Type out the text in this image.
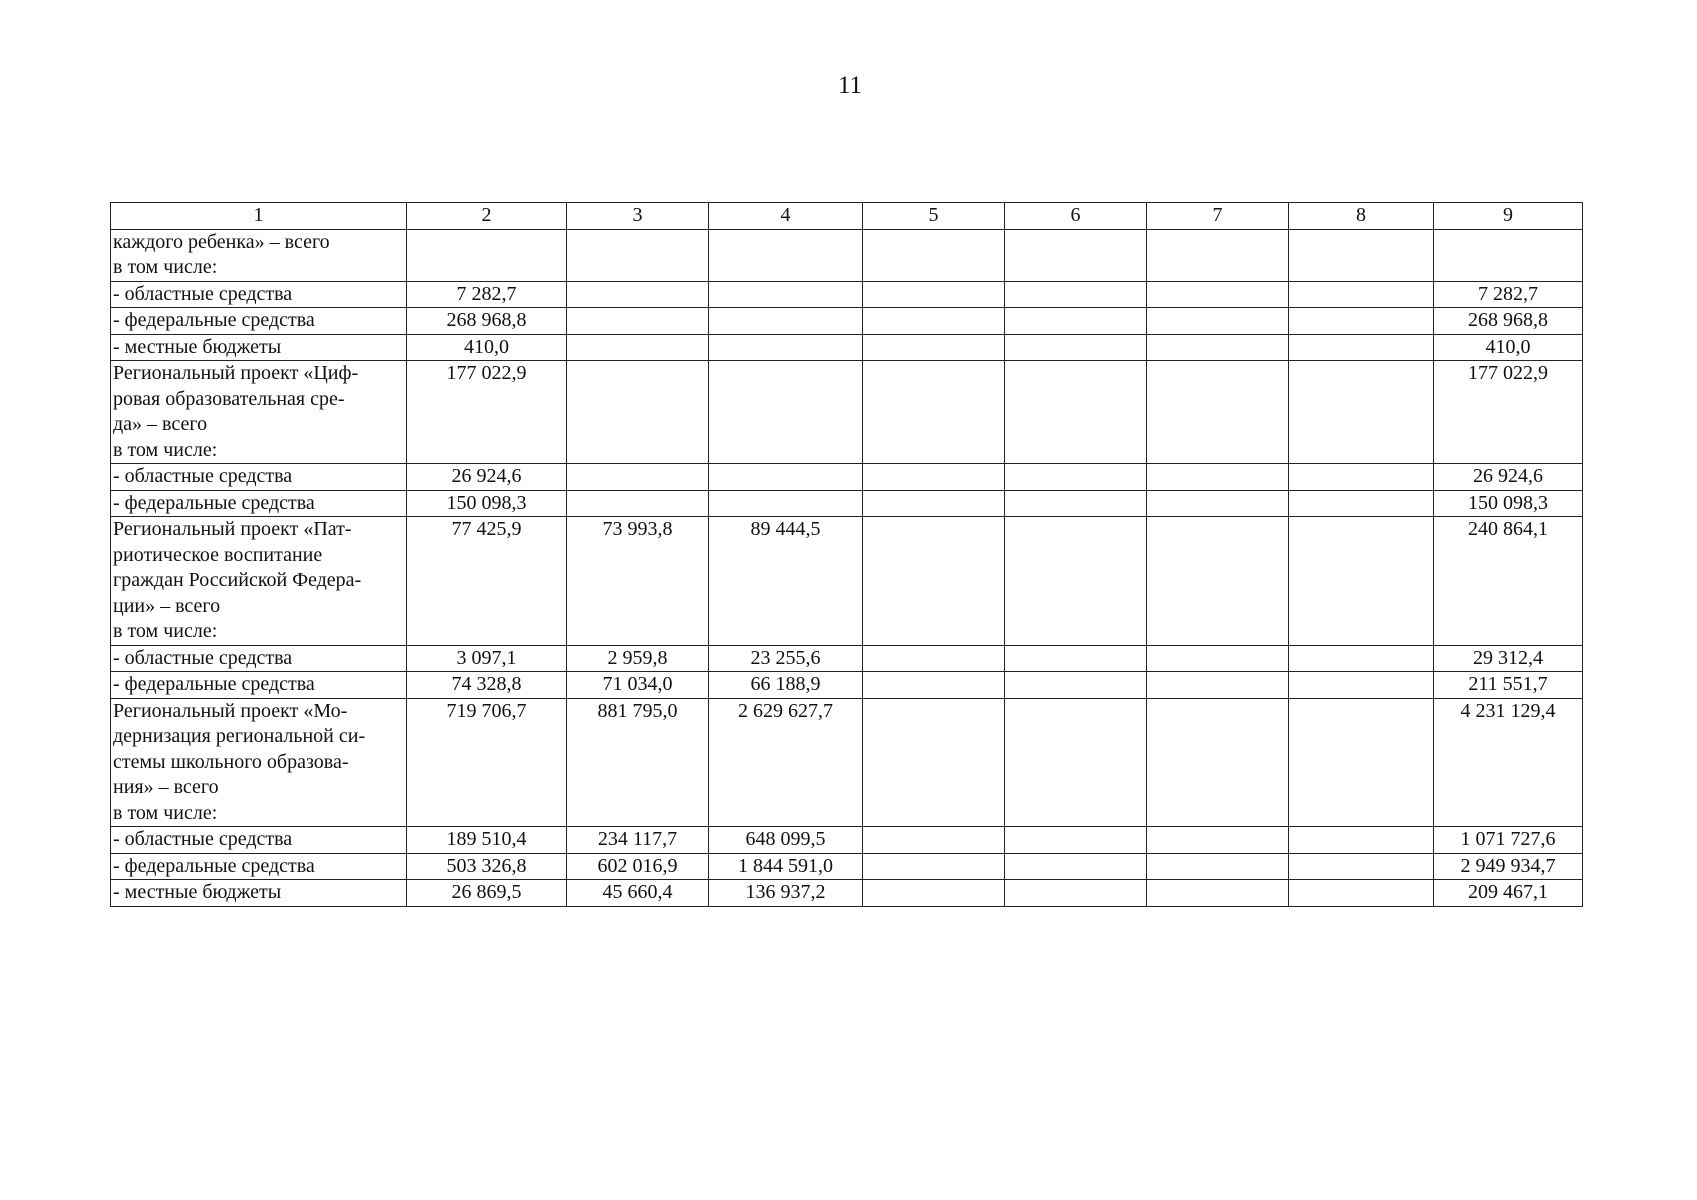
11
1	2	3	4	5	6	7	8	9

каждого ребенка» – всего
в том числе:								

- областные средства	7 282,7							7 282,7

- федеральные средства	268 968,8							268 968,8

- местные бюджеты	410,0							410,0

Региональный проект «Циф-
ровая образовательная сре-
да» – всего
в том числе:	177 022,9							177 022,9

- областные средства	26 924,6							26 924,6

- федеральные средства	150 098,3							150 098,3

Региональный проект «Пат-
риотическое воспитание
граждан Российской Федера-
ции» – всего
в том числе:	77 425,9	73 993,8	89 444,5					240 864,1

- областные средства	3 097,1	2 959,8	23 255,6					29 312,4

- федеральные средства	74 328,8	71 034,0	66 188,9					211 551,7

Региональный проект «Мо-
дернизация региональной си-
стемы школьного образова-
ния» – всего
в том числе:	719 706,7	881 795,0	2 629 627,7					4 231 129,4

- областные средства	189 510,4	234 117,7	648 099,5					1 071 727,6

- федеральные средства	503 326,8	602 016,9	1 844 591,0					2 949 934,7

- местные бюджеты	26 869,5	45 660,4	136 937,2					209 467,1
